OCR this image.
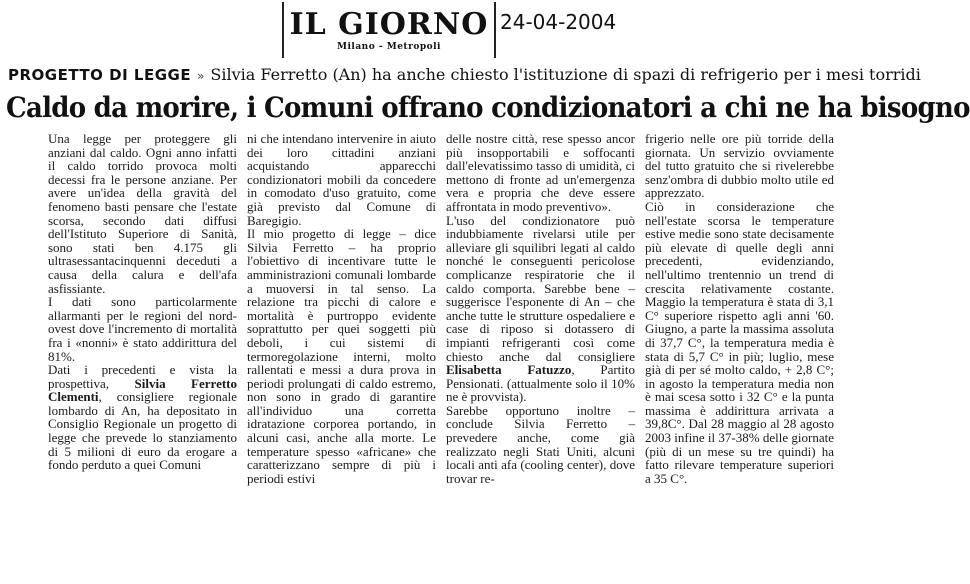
IL GIORNO
Milano - Metropoli
24-04-2004
PROGETTO DI LEGGE » Silvia Ferretto (An) ha anche chiesto l'istituzione di spazi di refrigerio per i mesi torridi
Caldo da morire, i Comuni offrano condizionatori a chi ne ha bisogno

Una legge per proteggere gli anziani dal caldo. Ogni anno infatti il caldo torrido provoca molti decessi fra le persone anziane. Per avere un'idea della gravità del fenomeno basti pensare che l'estate scorsa, secondo dati diffusi dell'Istituto Superiore di Sanità, sono stati ben 4.175 gli ultrasessantacinquenni deceduti a causa della calura e dell'afa asfissiante.

I dati sono particolarmente allarmanti per le regioni del nord-ovest dove l'incremento di mortalità fra i «nonni» è stato addirittura del 81%.

Dati i precedenti e vista la prospettiva, Silvia Ferretto Clementi, consigliere regionale lombardo di An, ha depositato in Consiglio Regionale un progetto di legge che prevede lo stanziamento di 5 milioni di euro da erogare a fondo perduto a quei Comuni

ni che intendano intervenire in aiuto dei loro cittadini anziani acquistando apparecchi condizionatori mobili da concedere in comodato d'uso gratuito, come già previsto dal Comune di Baregigio.

Il mio progetto di legge – dice Silvia Ferretto – ha proprio l'obiettivo di incentivare tutte le amministrazioni comunali lombarde a muoversi in tal senso. La relazione tra picchi di calore e mortalità è purtroppo evidente soprattutto per quei soggetti più deboli, i cui sistemi di termoregolazione interni, molto rallentati e messi a dura prova in periodi prolungati di caldo estremo, non sono in grado di garantire all'individuo una corretta idratazione corporea portando, in alcuni casi, anche alla morte. Le temperature spesso «africane» che caratterizzano sempre di più i periodi estivi

delle nostre città, rese spesso ancor più insopportabili e soffocanti dall'elevatissimo tasso di umidità, ci mettono di fronte ad un'emergenza vera e propria che deve essere affrontata in modo preventivo».

L'uso del condizionatore può indubbiamente rivelarsi utile per alleviare gli squilibri legati al caldo nonché le conseguenti pericolose complicanze respiratorie che il caldo comporta. Sarebbe bene – suggerisce l'esponente di An – che anche tutte le strutture ospedaliere e case di riposo si dotassero di impianti refrigeranti così come chiesto anche dal consigliere Elisabetta Fatuzzo, Partito Pensionati. (attualmente solo il 10% ne è provvista).

Sarebbe opportuno inoltre – conclude Silvia Ferretto – prevedere anche, come già realizzato negli Stati Uniti, alcuni locali anti afa (cooling center), dove trovar re-

frigerio nelle ore più torride della giornata. Un servizio ovviamente del tutto gratuito che si rivelerebbe senz'ombra di dubbio molto utile ed apprezzato.

Ciò in considerazione che nell'estate scorsa le temperature estive medie sono state decisamente più elevate di quelle degli anni precedenti, evidenziando, nell'ultimo trentennio un trend di crescita relativamente costante. Maggio la temperatura è stata di 3,1 C° superiore rispetto agli anni '60. Giugno, a parte la massima assoluta di 37,7 C°, la temperatura media è stata di 5,7 C° in più; luglio, mese già di per sé molto caldo, + 2,8 C°; in agosto la temperatura media non è mai scesa sotto i 32 C° e la punta massima è addirittura arrivata a 39,8C°. Dal 28 maggio al 28 agosto 2003 infine il 37-38% delle giornate (più di un mese su tre quindi) ha fatto rilevare temperature superiori a 35 C°.
